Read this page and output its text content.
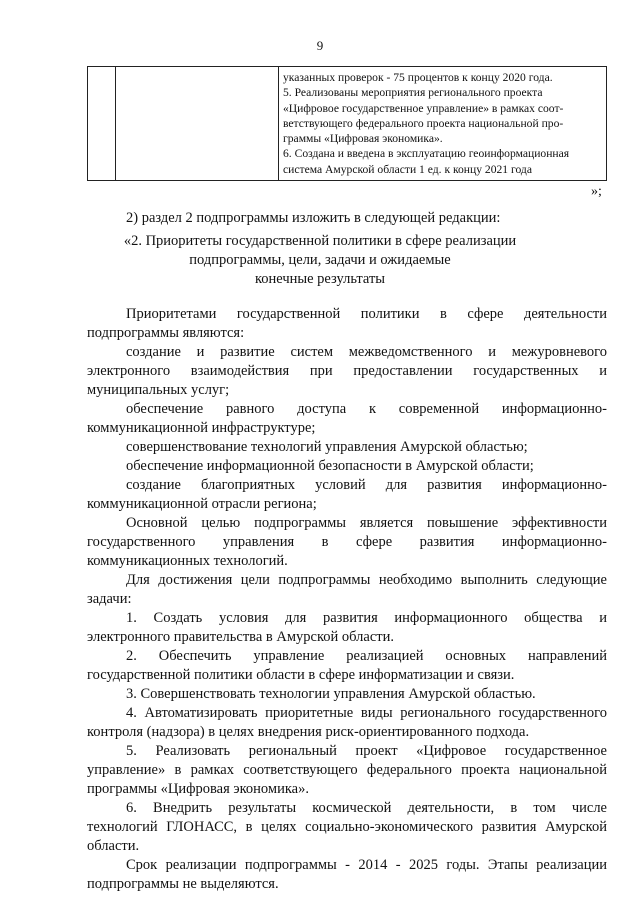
9

указанных проверок - 75 процентов к концу 2020 года.
5. Реализованы мероприятия регионального проекта
«Цифровое государственное управление» в рамках соот-
ветствующего федерального проекта национальной про-
граммы «Цифровая экономика».
6. Создана и введена в эксплуатацию геоинформационная
система Амурской области 1 ед. к концу 2021 года
»;
2) раздел 2 подпрограммы изложить в следующей редакции:
«2. Приоритеты государственной политики в сфере реализации
подпрограммы, цели, задачи и ожидаемые
конечные результаты
Приоритетами государственной политики в сфере деятельности
подпрограммы являются:
создание и развитие систем межведомственного и межуровневого
электронного взаимодействия при предоставлении государственных и
муниципальных услуг;
обеспечение равного доступа к современной информационно-
коммуникационной инфраструктуре;
совершенствование технологий управления Амурской областью;
обеспечение информационной безопасности в Амурской области;
создание благоприятных условий для развития информационно-
коммуникационной отрасли региона;
Основной целью подпрограммы является повышение эффективности
государственного управления в сфере развития информационно-
коммуникационных технологий.
Для достижения цели подпрограммы необходимо выполнить следующие
задачи:
1. Создать условия для развития информационного общества и
электронного правительства в Амурской области.
2. Обеспечить управление реализацией основных направлений
государственной политики области в сфере информатизации и связи.
3. Совершенствовать технологии управления Амурской областью.
4. Автоматизировать приоритетные виды регионального государственного
контроля (надзора) в целях внедрения риск-ориентированного подхода.
5. Реализовать региональный проект «Цифровое государственное
управление» в рамках соответствующего федерального проекта национальной
программы «Цифровая экономика».
6. Внедрить результаты космической деятельности, в том числе
технологий ГЛОНАСС, в целях социально-экономического развития Амурской
области.
Срок реализации подпрограммы - 2014 - 2025 годы. Этапы реализации
подпрограммы не выделяются.
